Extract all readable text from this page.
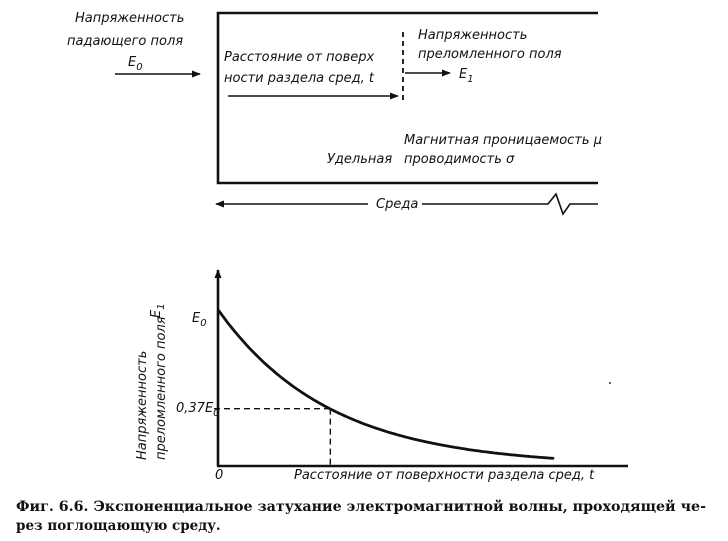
Напряженность
падающего поля
$E_0$
Расстояние от поверх
ности раздела сред, t
Напряженность
преломленного поля
$E_1$
Магнитная проницаемость μ
Удельная проводимость σ
Среда
Напряженность преломленного поля
$E_1$
$E_0$
$0,37E_0$
0	Расстояние от поверхности раздела сред, t
Фиг. 6.6. Экспоненциальное затухание электромагнитной волны, проходящей че-
рез поглощающую среду.
